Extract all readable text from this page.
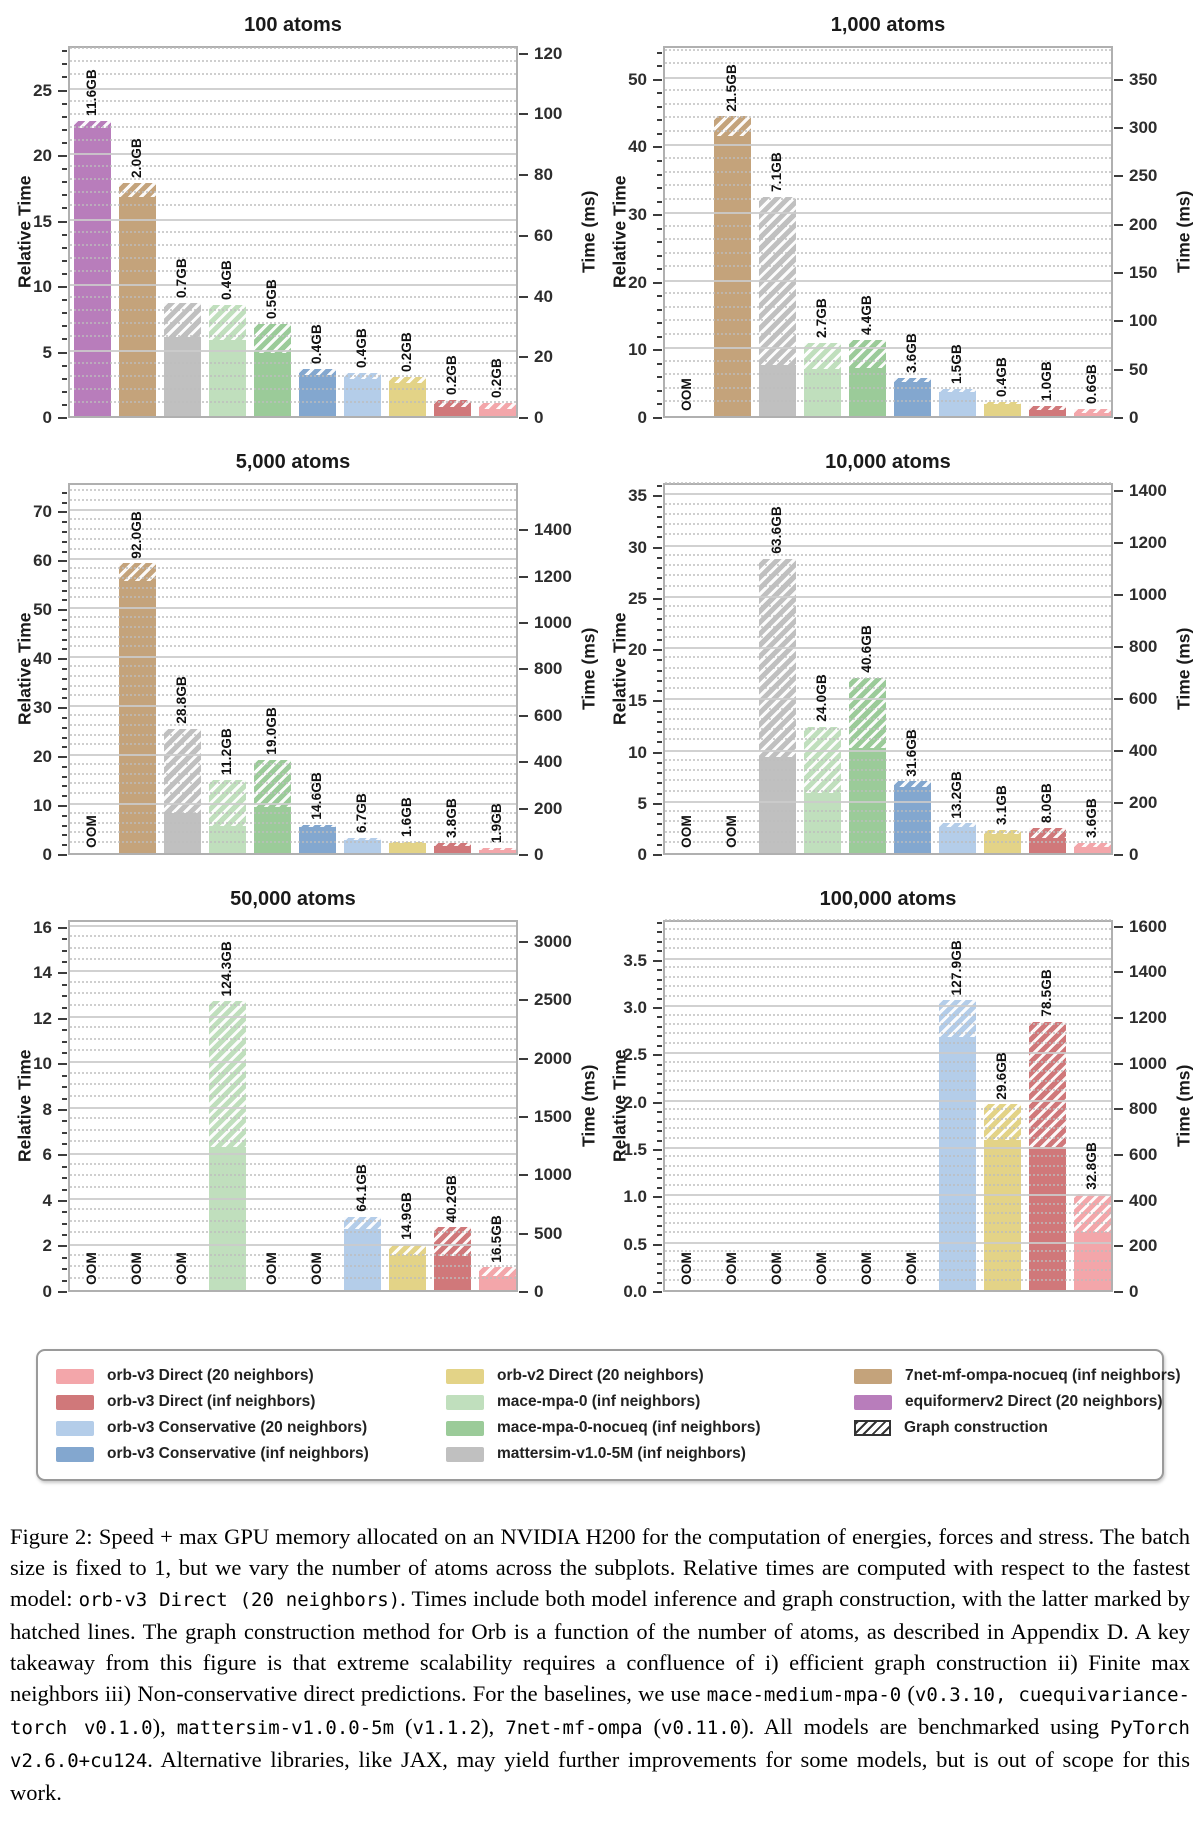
100 atoms
Relative Time	Time (ms)
11.6GB
2.0GB
0.7GB 0.4GB 0.5GB
0.4GB 0.4GB 0.2GB
0.2GB 0.2GB
0
5
10
15
20
25
0
20
40
60
80
100
120
1,000 atoms
Relative Time	Time (ms)
OOM
21.5GB
7.1GB
2.7GB 4.4GB
3.6GB 1.5GB 0.4GB 1.0GB 0.6GB
0
10
20
30
40
50
0
50
100
150
200
250
300
350
5,000 atoms
Relative Time	Time (ms)
OOM
92.0GB
28.8GB
11.2GB 19.0GB
14.6GB 6.7GB 1.6GB 3.8GB 1.9GB
0
10
20
30
40
50
60
70
0
200
400
600
800
1000
1200
1400
10,000 atoms
Relative Time	Time (ms)
OOM OOM
63.6GB
24.0GB
40.6GB
31.6GB
13.2GB 3.1GB 8.0GB 3.6GB
0
5
10
15
20
25
30
35
0
200
400
600
800
1000
1200
1400
50,000 atoms
Relative Time	Time (ms)
OOM OOM OOM
124.3GB
OOM OOM
64.1GB
14.9GB 40.2GB
16.5GB
0
2
4
6
8
10
12
14
16
0
500
1000
1500
2000
2500
3000
100,000 atoms
Relative Time	Time (ms)
OOM OOM OOM OOM OOM OOM
127.9GB
29.6GB
78.5GB
32.8GB
0.0
0.5
1.0
1.5
2.0
2.5
3.0
3.5
0
200
400
600
800
1000
1200
1400
1600
orb-v3 Direct (20 neighbors)
orb-v3 Direct (inf neighbors)
orb-v3 Conservative (20 neighbors)
orb-v3 Conservative (inf neighbors)
orb-v2 Direct (20 neighbors)
mace-mpa-0 (inf neighbors)
mace-mpa-0-nocueq (inf neighbors)
mattersim-v1.0-5M (inf neighbors)
7net-mf-ompa-nocueq (inf neighbors)
equiformerv2 Direct (20 neighbors)
Graph construction

Figure 2: Speed + max GPU memory allocated on an NVIDIA H200 for the computation of energies, forces and stress. The batch size is fixed to 1, but we vary the number of atoms across the subplots. Relative times are computed with respect to the fastest model: orb-v3 Direct (20 neighbors). Times include both model inference and graph construction, with the latter marked by hatched lines. The graph construction method for Orb is a function of the number of atoms, as described in Appendix D. A key takeaway from this figure is that extreme scalability requires a confluence of i) efficient graph construction ii) Finite max neighbors iii) Non-conservative direct predictions. For the baselines, we use mace-medium-mpa-0 (v0.3.10, cuequivariance-torch v0.1.0), mattersim-v1.0.0-5m (v1.1.2), 7net-mf-ompa (v0.11.0). All models are benchmarked using PyTorch v2.6.0+cu124. Alternative libraries, like JAX, may yield further improvements for some models, but is out of scope for this work.
